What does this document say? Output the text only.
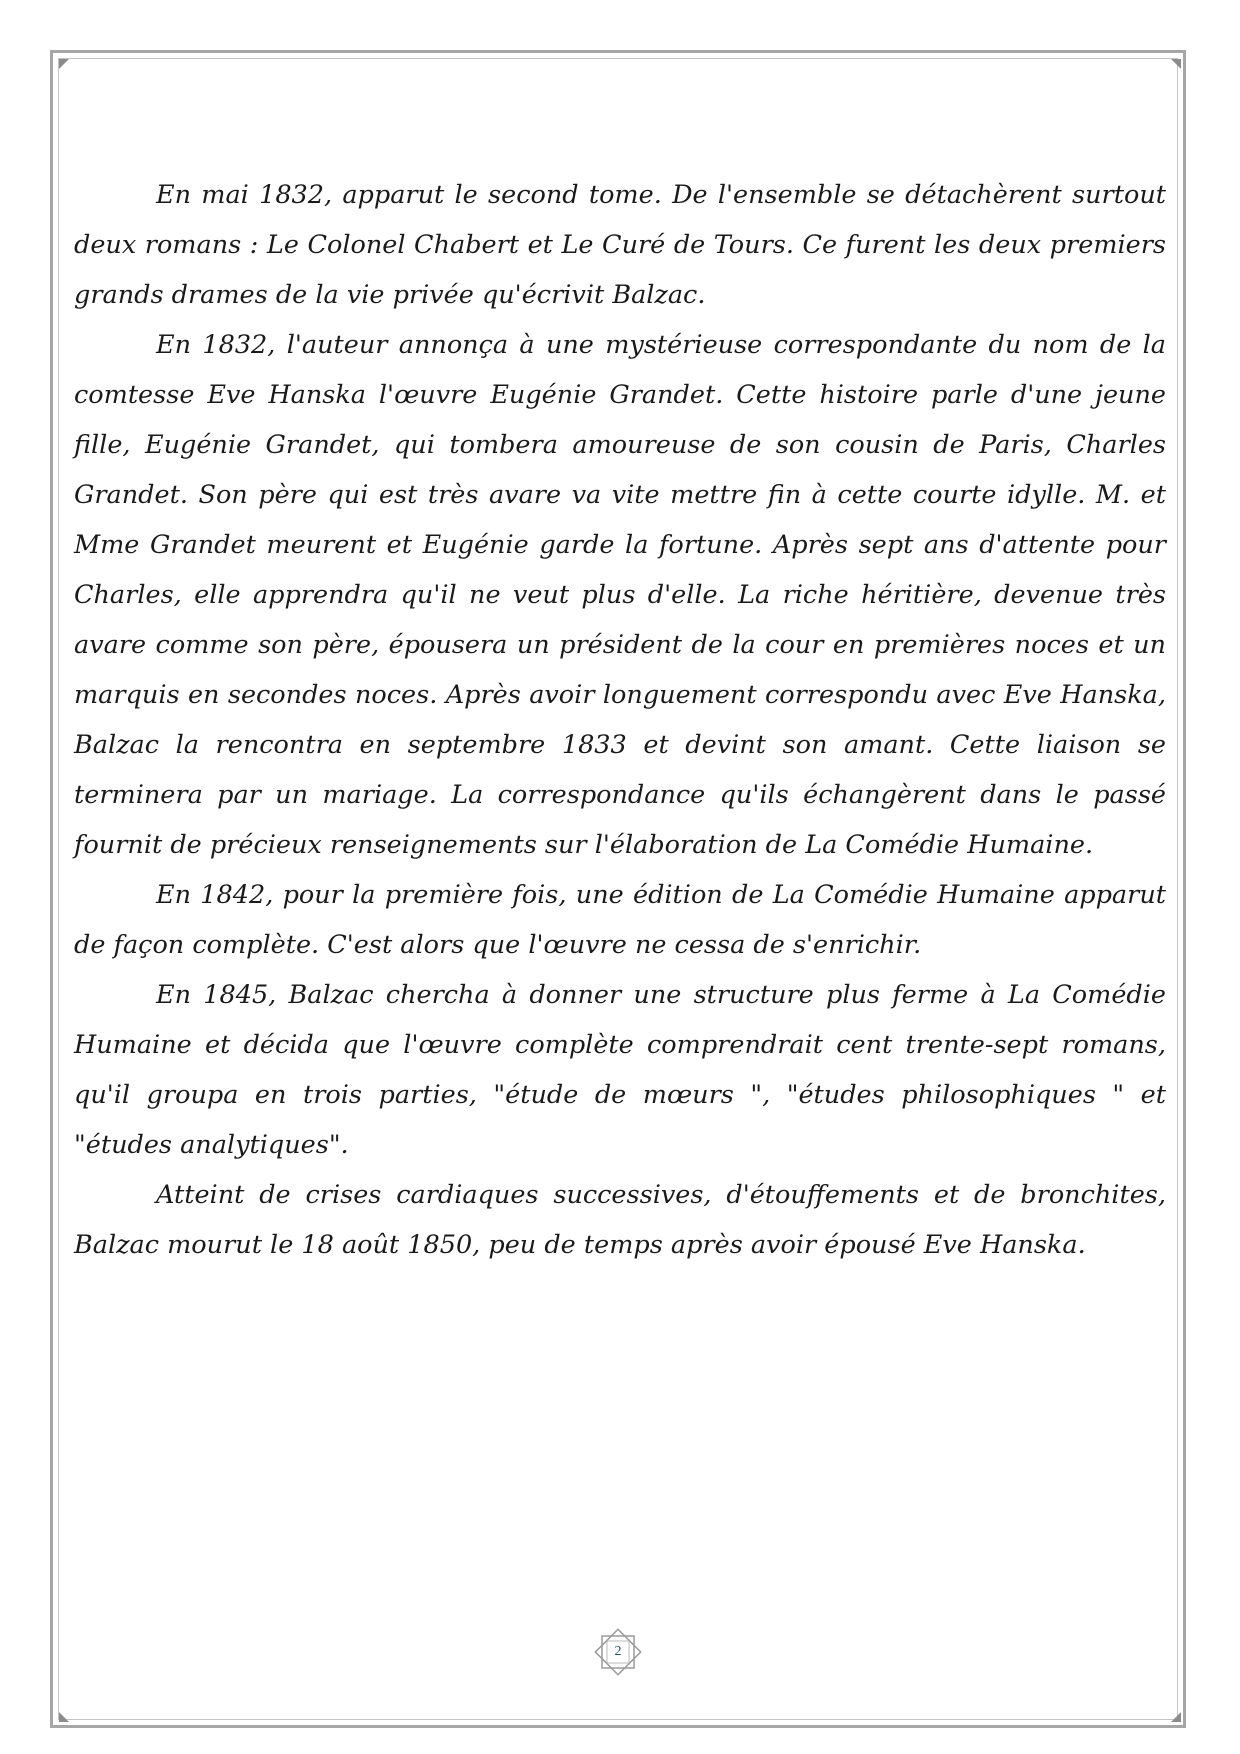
En mai 1832, apparut le second tome. De l'ensemble se détachèrent surtout deux romans : Le Colonel Chabert et Le Curé de Tours. Ce furent les deux premiers grands drames de la vie privée qu'écrivit Balzac.

En 1832, l'auteur annonça à une mystérieuse correspondante du nom de la comtesse Eve Hanska l'œuvre Eugénie Grandet. Cette histoire parle d'une jeune fille, Eugénie Grandet, qui tombera amoureuse de son cousin de Paris, Charles Grandet. Son père qui est très avare va vite mettre fin à cette courte idylle. M. et Mme Grandet meurent et Eugénie garde la fortune. Après sept ans d'attente pour Charles, elle apprendra qu'il ne veut plus d'elle. La riche héritière, devenue très avare comme son père, épousera un président de la cour en premières noces et un marquis en secondes noces. Après avoir longuement correspondu avec Eve Hanska, Balzac la rencontra en septembre 1833 et devint son amant. Cette liaison se terminera par un mariage. La correspondance qu'ils échangèrent dans le passé fournit de précieux renseignements sur l'élaboration de La Comédie Humaine.

En 1842, pour la première fois, une édition de La Comédie Humaine apparut de façon complète. C'est alors que l'œuvre ne cessa de s'enrichir.

En 1845, Balzac chercha à donner une structure plus ferme à La Comédie Humaine et décida que l'œuvre complète comprendrait cent trente-sept romans, qu'il groupa en trois parties, "étude de mœurs ", "études philosophiques " et "études analytiques".

Atteint de crises cardiaques successives, d'étouffements et de bronchites, Balzac mourut le 18 août 1850, peu de temps après avoir épousé Eve Hanska.

2
